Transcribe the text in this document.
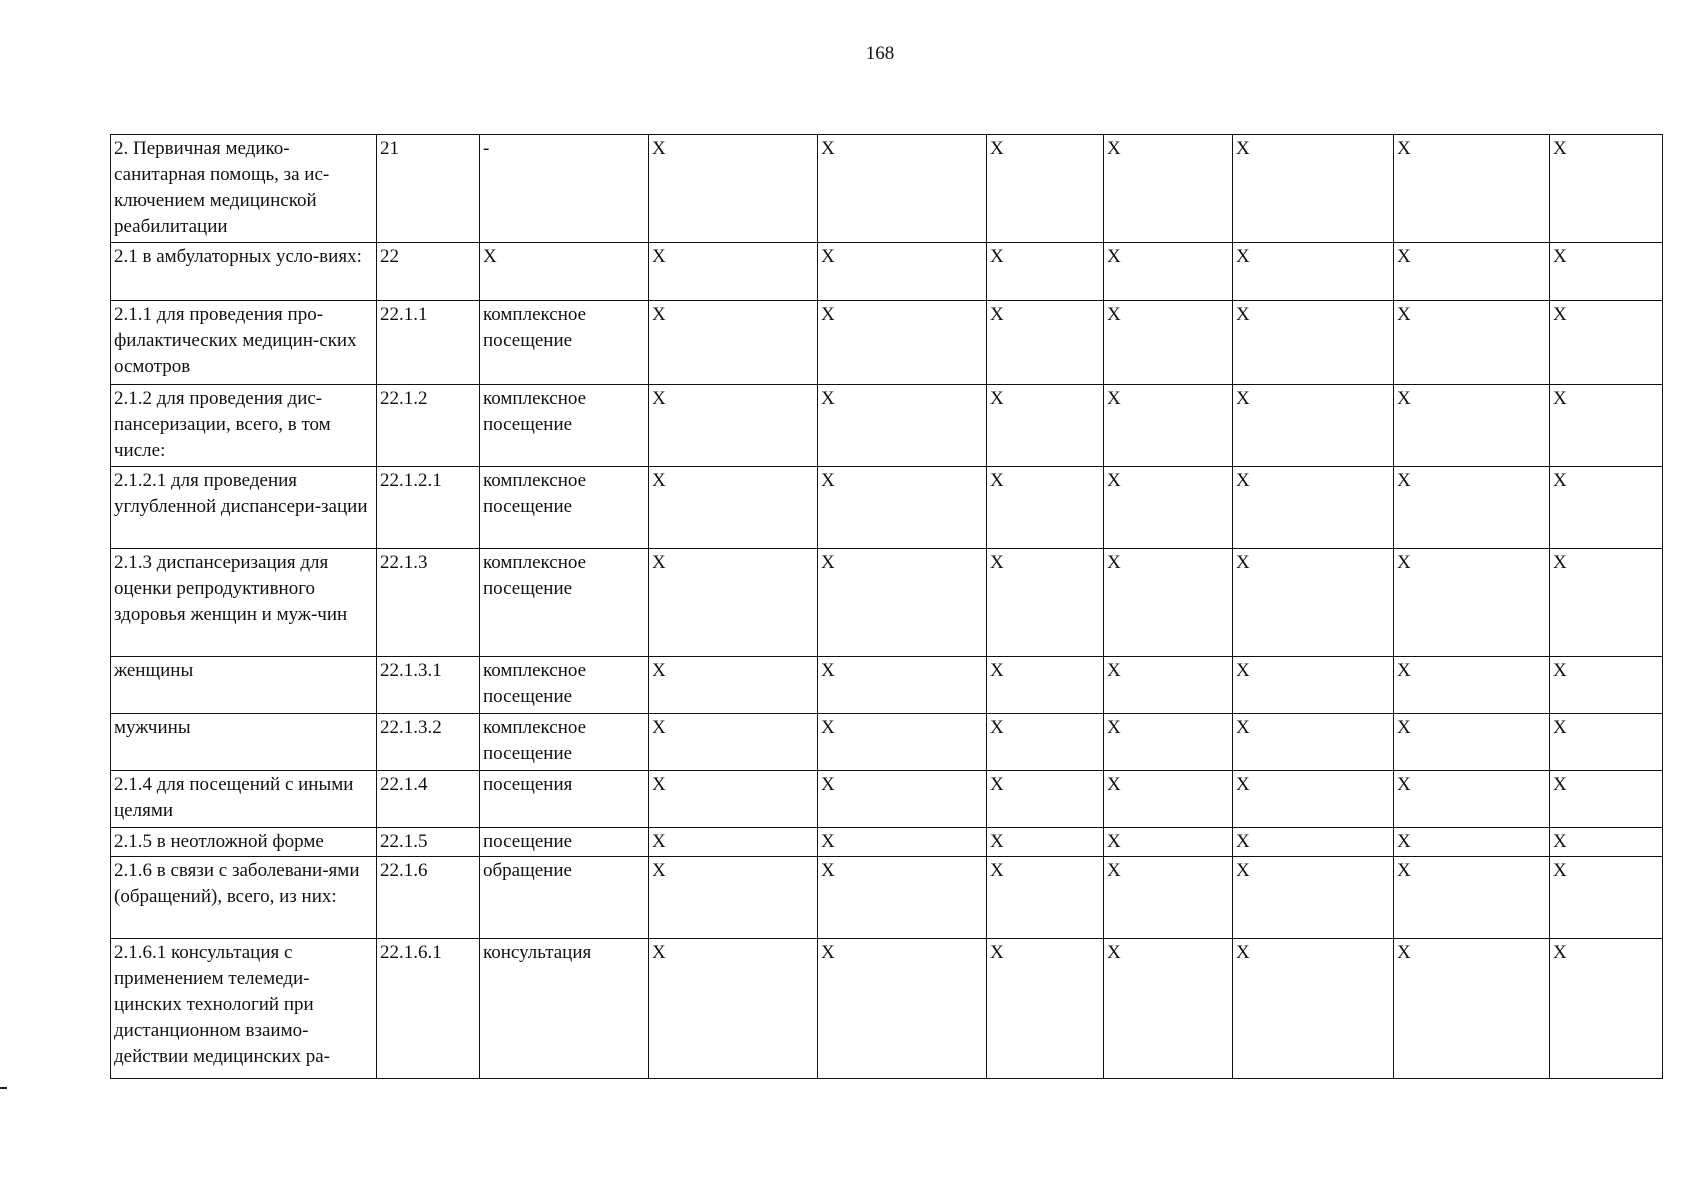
168
2. Первичная медико-санитарная помощь, за ис-ключением медицинской реабилитации	21	-	X	X	X	X	X	X	X
2.1 в амбулаторных усло-виях:	22	X	X	X	X	X	X	X	X
2.1.1 для проведения про-филактических медицин-ских осмотров	22.1.1	комплексное посещение	X	X	X	X	X	X	X
2.1.2 для проведения дис-пансеризации, всего, в том числе:	22.1.2	комплексное посещение	X	X	X	X	X	X	X
2.1.2.1 для проведения углубленной диспансери-зации	22.1.2.1	комплексное посещение	X	X	X	X	X	X	X
2.1.3 диспансеризация для оценки репродуктивного здоровья женщин и муж-чин	22.1.3	комплексное посещение	X	X	X	X	X	X	X
женщины	22.1.3.1	комплексное посещение	X	X	X	X	X	X	X
мужчины	22.1.3.2	комплексное посещение	X	X	X	X	X	X	X
2.1.4 для посещений с иными целями	22.1.4	посещения	X	X	X	X	X	X	X
2.1.5 в неотложной форме	22.1.5	посещение	X	X	X	X	X	X	X
2.1.6 в связи с заболевани-ями (обращений), всего, из них:	22.1.6	обращение	X	X	X	X	X	X	X
2.1.6.1 консультация с применением телемеди-цинских технологий при дистанционном взаимо-действии медицинских ра-	22.1.6.1	консультация	X	X	X	X	X	X	X
